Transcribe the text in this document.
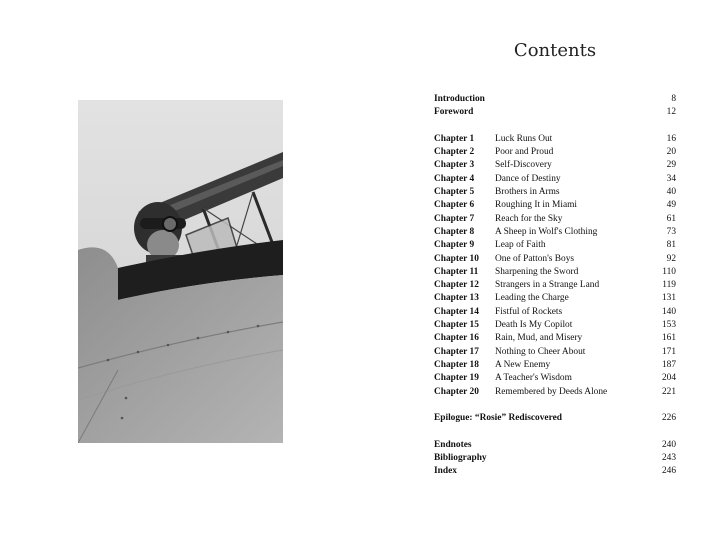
Contents
Introduction	8
Foreword	12
Chapter 1	Luck Runs Out	16
Chapter 2	Poor and Proud	20
Chapter 3	Self-Discovery	29
Chapter 4	Dance of Destiny	34
Chapter 5	Brothers in Arms	40
Chapter 6	Roughing It in Miami	49
Chapter 7	Reach for the Sky	61
Chapter 8	A Sheep in Wolf's Clothing	73
Chapter 9	Leap of Faith	81
Chapter 10	One of Patton's Boys	92
Chapter 11	Sharpening the Sword	110
Chapter 12	Strangers in a Strange Land	119
Chapter 13	Leading the Charge	131
Chapter 14	Fistful of Rockets	140
Chapter 15	Death Is My Copilot	153
Chapter 16	Rain, Mud, and Misery	161
Chapter 17	Nothing to Cheer About	171
Chapter 18	A New Enemy	187
Chapter 19	A Teacher's Wisdom	204
Chapter 20	Remembered by Deeds Alone	221
Epilogue: “Rosie” Rediscovered	226
Endnotes	240
Bibliography	243
Index	246
